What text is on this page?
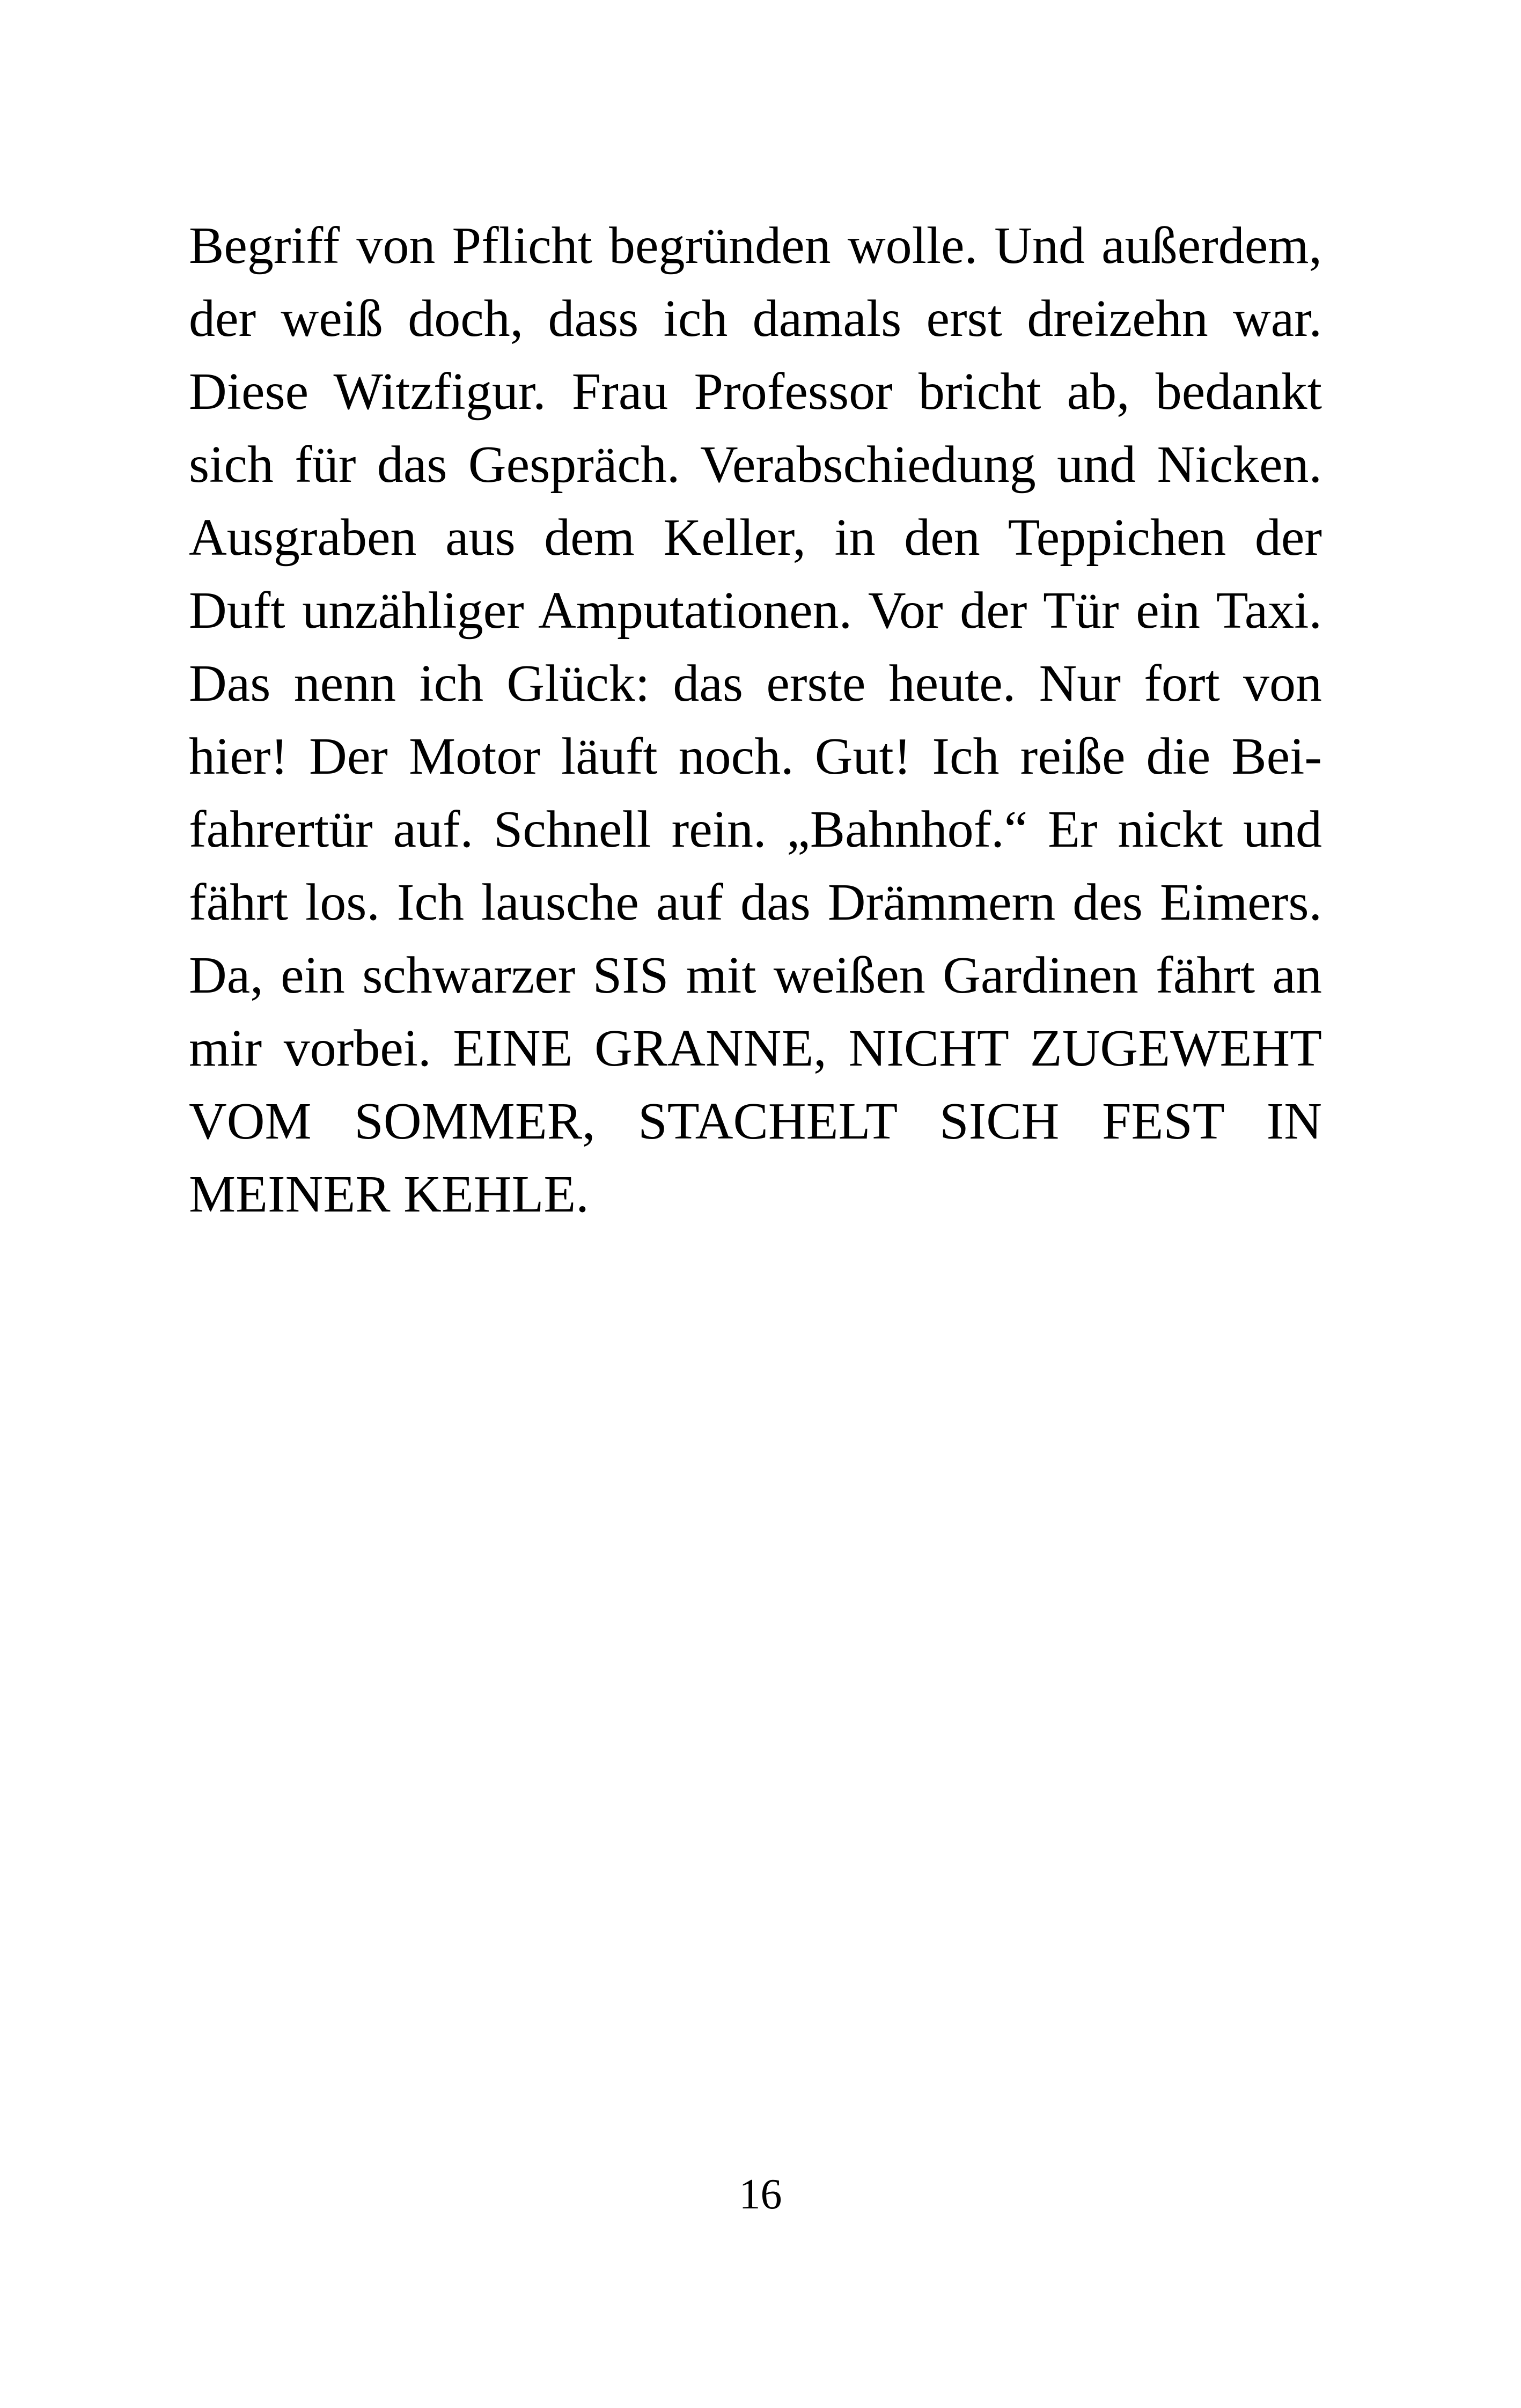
Begriff von Pflicht begründen wolle. Und außerdem,
der weiß doch, dass ich damals erst dreizehn war.
Diese Witzfigur. Frau Professor bricht ab, bedankt
sich für das Gespräch. Verabschiedung und Nicken.
Ausgraben aus dem Keller, in den Teppichen der
Duft unzähliger Amputationen. Vor der Tür ein Taxi.
Das nenn ich Glück: das erste heute. Nur fort von
hier! Der Motor läuft noch. Gut! Ich reiße die Bei-
fahrertür auf. Schnell rein. „Bahnhof.“ Er nickt und
fährt los. Ich lausche auf das Drämmern des Eimers.
Da, ein schwarzer SIS mit weißen Gardinen fährt an
mir vorbei. EINE GRANNE, NICHT ZUGEWEHT
VOM SOMMER, STACHELT SICH FEST IN
MEINER KEHLE.
16
